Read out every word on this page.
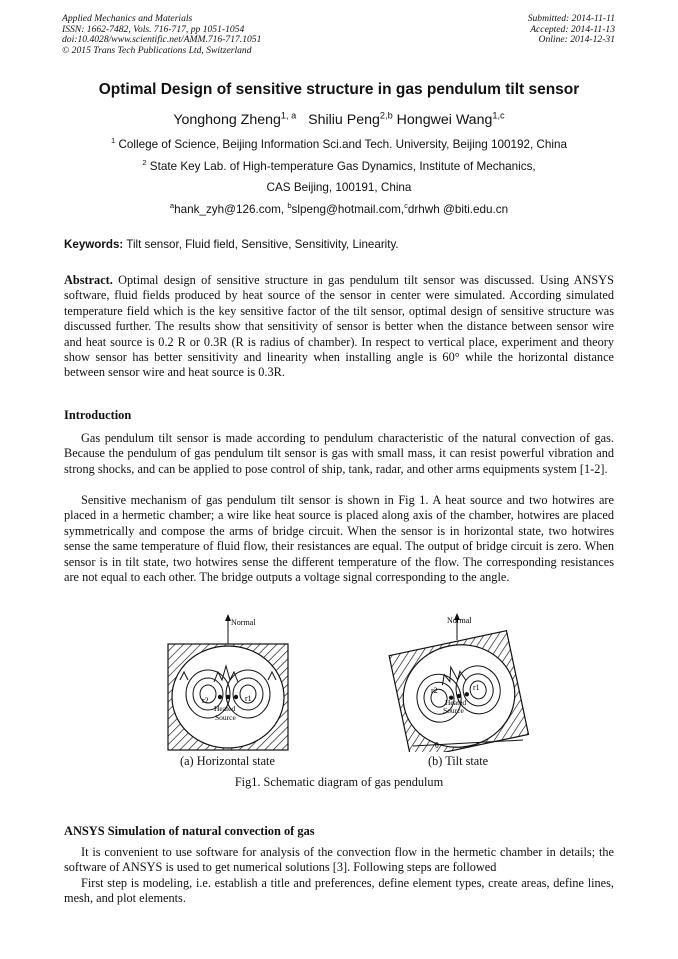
Applied Mechanics and Materials
ISSN: 1662-7482, Vols. 716-717, pp 1051-1054
doi:10.4028/www.scientific.net/AMM.716-717.1051
© 2015 Trans Tech Publications Ltd, Switzerland
Submitted: 2014-11-11
Accepted: 2014-11-13
Online: 2014-12-31
Optimal Design of sensitive structure in gas pendulum tilt sensor
Yonghong Zheng$^{1, a}$ Shiliu Peng$^{2,b}$ Hongwei Wang$^{1,c}$
$^1$ College of Science, Beijing Information Sci.and Tech. University, Beijing 100192, China
$^2$ State Key Lab. of High-temperature Gas Dynamics, Institute of Mechanics,
CAS Beijing, 100191, China
$^a$hank_zyh@126.com, $^b$slpeng@hotmail.com,$^c$drhwh @biti.edu.cn
Keywords: Tilt sensor, Fluid field, Sensitive, Sensitivity, Linearity.
Abstract. Optimal design of sensitive structure in gas pendulum tilt sensor was discussed. Using ANSYS software, fluid fields produced by heat source of the sensor in center were simulated. According simulated temperature field which is the key sensitive factor of the tilt sensor, optimal design of sensitive structure was discussed further. The results show that sensitivity of sensor is better when the distance between sensor wire and heat source is 0.2 R or 0.3R (R is radius of chamber). In respect to vertical place, experiment and theory show sensor has better sensitivity and linearity when installing angle is 60° while the horizontal distance between sensor wire and heat source is 0.3R.
Introduction
Gas pendulum tilt sensor is made according to pendulum characteristic of the natural convection of gas. Because the pendulum of gas pendulum tilt sensor is gas with small mass, it can resist powerful vibration and strong shocks, and can be applied to pose control of ship, tank, radar, and other arms equipments system [1-2].
Sensitive mechanism of gas pendulum tilt sensor is shown in Fig 1. A heat source and two hotwires are placed in a hermetic chamber; a wire like heat source is placed along axis of the chamber, hotwires are placed symmetrically and compose the arms of bridge circuit. When the sensor is in horizontal state, two hotwires sense the same temperature of fluid flow, their resistances are equal. The output of bridge circuit is zero. When sensor is in tilt state, two hotwires sense the different temperature of the flow. The corresponding resistances are not equal to each other. The bridge outputs a voltage signal corresponding to the angle.
Normal
r2	r1
Heated
Source
Normal
r2	r1
Heated
Source
θ
(a) Horizontal state	(b) Tilt state
Fig1. Schematic diagram of gas pendulum
ANSYS Simulation of natural convection of gas
It is convenient to use software for analysis of the convection flow in the hermetic chamber in details; the software of ANSYS is used to get numerical solutions [3]. Following steps are followed
First step is modeling, i.e. establish a title and preferences, define element types, create areas, define lines, mesh, and plot elements.
